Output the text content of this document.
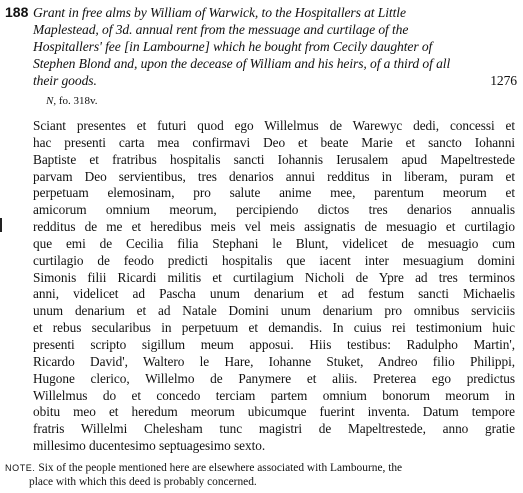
188 Grant in free alms by William of Warwick, to the Hospitallers at Little
Maplestead, of 3d. annual rent from the messuage and curtilage of the
Hospitallers' fee [in Lambourne] which he bought from Cecily daughter of
Stephen Blond and, upon the decease of William and his heirs, of a third of all
their goods.	1276
N, fo. 318v.
Sciant presentes et futuri quod ego Willelmus de Warewyc dedi, concessi et
hac presenti carta mea confirmavi Deo et beate Marie et sancto Iohanni
Baptiste et fratribus hospitalis sancti Iohannis Ierusalem apud Mapeltrestede
parvam Deo servientibus, tres denarios annui redditus in liberam, puram et
perpetuam elemosinam, pro salute anime mee, parentum meorum et
amicorum omnium meorum, percipiendo dictos tres denarios annualis
redditus de me et heredibus meis vel meis assignatis de mesuagio et curtilagio
que emi de Cecilia filia Stephani le Blunt, videlicet de mesuagio cum
curtilagio de feodo predicti hospitalis que iacent inter mesuagium domini
Simonis filii Ricardi militis et curtilagium Nicholi de Ypre ad tres terminos
anni, videlicet ad Pascha unum denarium et ad festum sancti Michaelis
unum denarium et ad Natale Domini unum denarium pro omnibus serviciis
et rebus secularibus in perpetuum et demandis. In cuius rei testimonium huic
presenti scripto sigillum meum apposui. Hiis testibus: Radulpho Martin',
Ricardo David', Waltero le Hare, Iohanne Stuket, Andreo filio Philippi,
Hugone clerico, Willelmo de Panymere et aliis. Preterea ego predictus
Willelmus do et concedo terciam partem omnium bonorum meorum in
obitu meo et heredum meorum ubicumque fuerint inventa. Datum tempore
fratris Willelmi Chelesham tunc magistri de Mapeltrestede, anno gratie
millesimo ducentesimo septuagesimo sexto.
NOTE. Six of the people mentioned here are elsewhere associated with Lambourne, the
place with which this deed is probably concerned.
